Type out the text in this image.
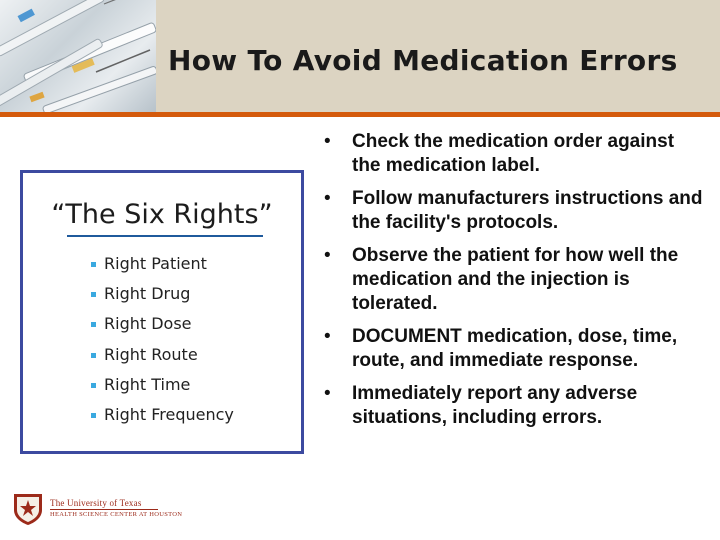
How To Avoid Medication Errors
“The Six Rights”
Right Patient
Right Drug
Right Dose
Right Route
Right Time
Right Frequency
• Check the medication order against the medication label.
• Follow manufacturers instructions and the facility's protocols.
• Observe the patient for how well the medication and the injection is tolerated.
• DOCUMENT medication, dose, time, route, and immediate response.
• Immediately report any adverse situations, including errors.
The University of Texas
HEALTH SCIENCE CENTER AT HOUSTON
